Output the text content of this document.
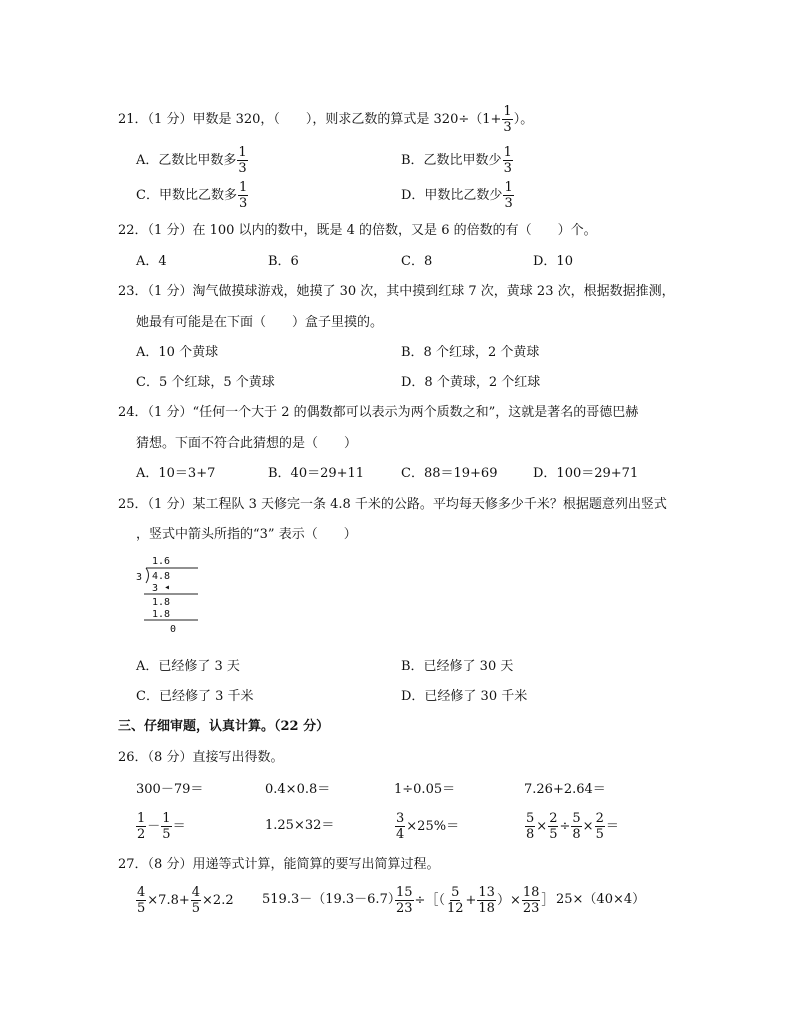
21．（1 分）甲数是 320，（　　），则求乙数的算式是 $320\div(1+ \frac{1}{3}$ ）。
A．乙数比甲数多 $\frac{1}{3}$	B．乙数比甲数少 $\frac{1}{3}$
C．甲数比乙数多 $\frac{1}{3}$	D．甲数比乙数少 $\frac{1}{3}$
22．（1 分）在 100 以内的数中，既是 4 的倍数，又是 6 的倍数的有（　　）个。
A．4	B．6	C．8	D．10
23．（1 分）淘气做摸球游戏，她摸了 30 次，其中摸到红球 7 次，黄球 23 次，根据数据推测，
她最有可能是在下面（　　）盒子里摸的。
A．10 个黄球	B．8 个红球，2 个黄球
C．5 个红球，5 个黄球	D．8 个黄球，2 个红球
24．（1 分）“任何一个大于 2 的偶数都可以表示为两个质数之和”，这就是著名的哥德巴赫
猜想。下面不符合此猜想的是（　　）
A．10＝3+7	B．40＝29+11	C．88＝19+69	D．100＝29+71
25．（1 分）某工程队 3 天修完一条 4.8 千米的公路。平均每天修多少千米？根据题意列出竖式
，竖式中箭头所指的“3” 表示（　　）
1.6
3 4.8
3 ◂
1.8
1.8
0
A．已经修了 3 天	B．已经修了 30 天
C．已经修了 3 千米	D．已经修了 30 千米
三、仔细审题，认真计算。（22 分）
26．（8 分）直接写出得数。
300－79＝	0.4×0.8＝	1÷0.05＝	7.26+2.64＝
$\frac{1}{2} - \frac{1}{5}$ ＝	1.25×32＝	$\frac{3}{4} \times 25\%=$	$\frac{5}{8} \times \frac{2}{5} \div \frac{5}{8} \times \frac{2}{5}$ ＝
27．（8 分）用递等式计算，能简算的要写出简算过程。
$\frac{4}{5} \times 7.8+ \frac{4}{5} \times 2.2$ 519.3－（19.3－6.7）
$\frac{15}{23}$ ÷［（ $\frac{5}{12} + \frac{13}{18}$ ）× $\frac{18}{23}$ ］ 25×（40×4）
